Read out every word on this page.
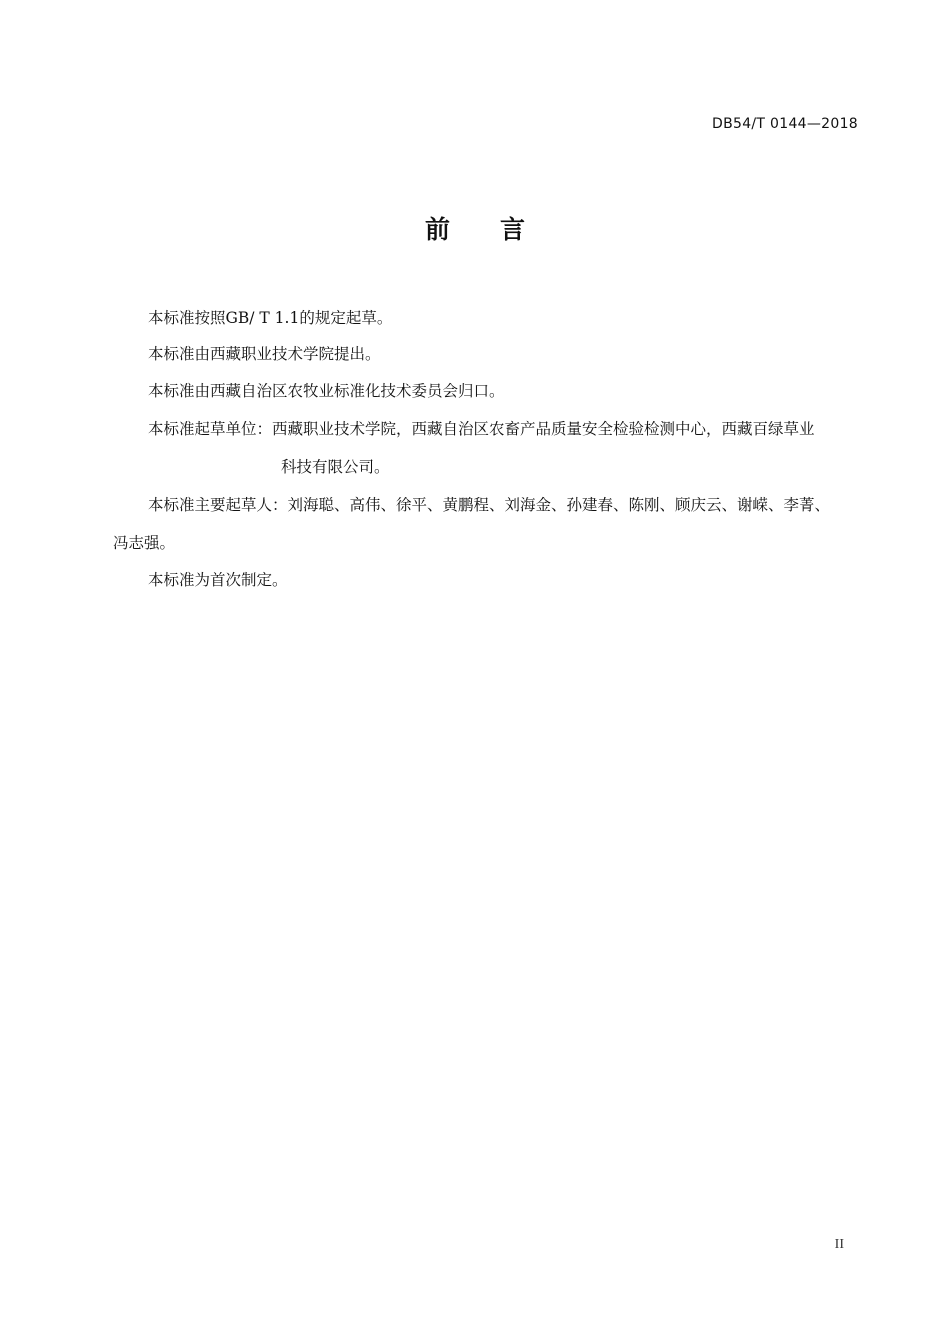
DB54/T 0144—2018
前　　言
本标准按照GB/ T 1.1的规定起草。
本标准由西藏职业技术学院提出。
本标准由西藏自治区农牧业标准化技术委员会归口。
本标准起草单位：西藏职业技术学院，西藏自治区农畜产品质量安全检验检测中心，西藏百绿草业
科技有限公司。
本标准主要起草人：刘海聪、高伟、徐平、黄鹏程、刘海金、孙建春、陈刚、顾庆云、谢嵘、李菁、
冯志强。
本标准为首次制定。
II
